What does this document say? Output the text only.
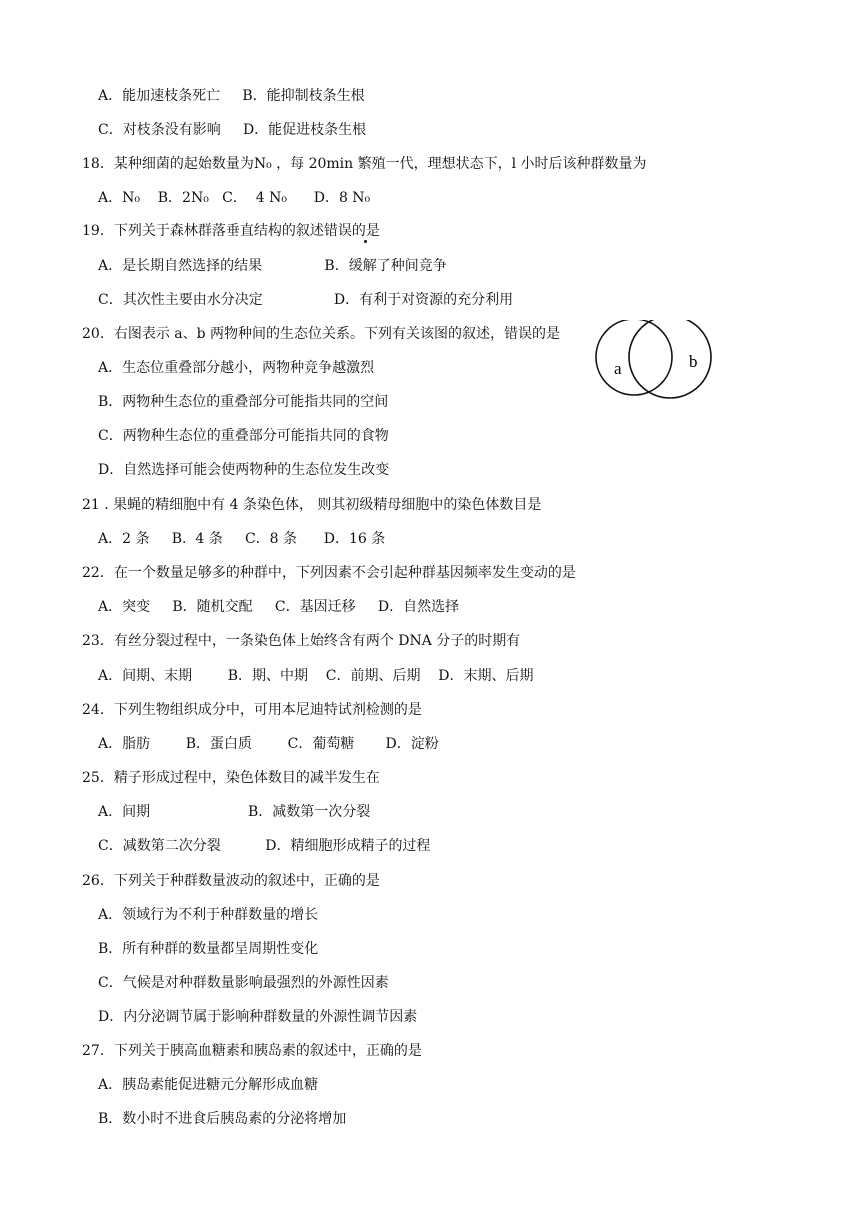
A．能加速枝条死亡     B．能抑制枝条生根
C．对枝条没有影响     D．能促进枝条生根
18．某种细菌的起始数量为N₀ ，每 20min 繁殖一代，理想状态下，l 小时后该种群数量为
A．N₀    B．2N₀   C．  4 N₀      D．8 N₀
19．下列关于森林群落垂直结构的叙述错误的是
A．是长期自然选择的结果              B．缓解了种间竞争
C．其次性主要由水分决定                D．有利于对资源的充分利用
20．右图表示 a、b 两物种间的生态位关系。下列有关该图的叙述，错误的是
A．生态位重叠部分越小，两物种竞争越激烈
B．两物种生态位的重叠部分可能指共同的空间
C．两物种生态位的重叠部分可能指共同的食物
D．自然选择可能会使两物种的生态位发生改变
21 . 果蝇的精细胞中有 4 条染色体， 则其初级精母细胞中的染色体数目是
A．2 条     B.  4 条     C．8 条      D．16 条
22．在一个数量足够多的种群中，下列因素不会引起种群基因频率发生变动的是
A．突变     B．随机交配     C．基因迁移     D．自然选择
23．有丝分裂过程中，一条染色体上始终含有两个 DNA 分子的时期有
A．间期、末期        B．期、中期    C．前期、后期    D．末期、后期
24．下列生物组织成分中，可用本尼迪特试剂检测的是
A．脂肪        B．蛋白质        C．葡萄糖       D．淀粉
25．精子形成过程中，染色体数目的减半发生在
A．间期                      B．减数第一次分裂
C．减数第二次分裂          D．精细胞形成精子的过程
26．下列关于种群数量波动的叙述中，正确的是
A．领域行为不利于种群数量的增长
B．所有种群的数量都呈周期性变化
C．气候是对种群数量影响最强烈的外源性因素
D．内分泌调节属于影响种群数量的外源性调节因素
27．下列关于胰高血糖素和胰岛素的叙述中，正确的是
A．胰岛素能促进糖元分解形成血糖
B．数小时不进食后胰岛素的分泌将增加
a	b
